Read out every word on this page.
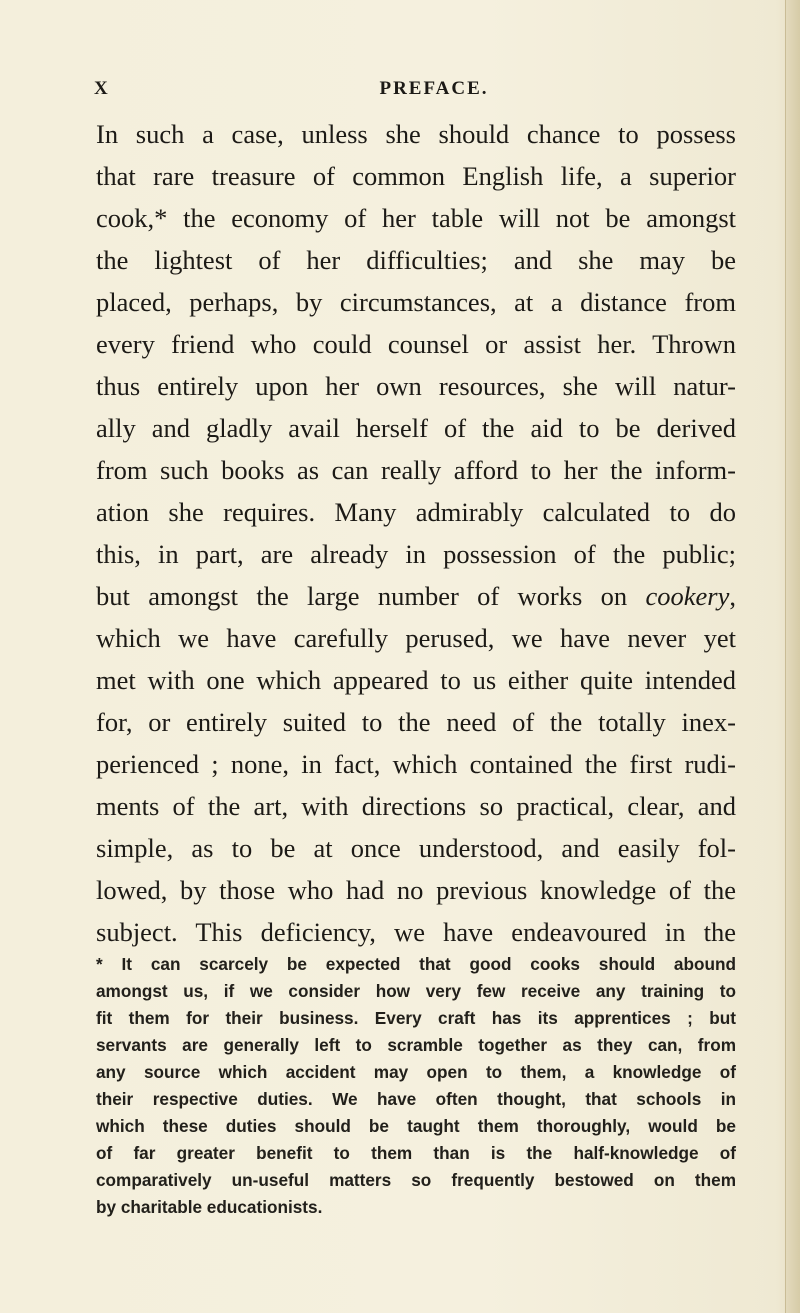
X	PREFACE.
In such a case, unless she should chance to possess
that rare treasure of common English life, a superior
cook,* the economy of her table will not be amongst
the lightest of her difficulties; and she may be
placed, perhaps, by circumstances, at a distance from
every friend who could counsel or assist her. Thrown
thus entirely upon her own resources, she will natur-
ally and gladly avail herself of the aid to be derived
from such books as can really afford to her the inform-
ation she requires. Many admirably calculated to do
this, in part, are already in possession of the public;
but amongst the large number of works on cookery,
which we have carefully perused, we have never yet
met with one which appeared to us either quite intended
for, or entirely suited to the need of the totally inex-
perienced ; none, in fact, which contained the first rudi-
ments of the art, with directions so practical, clear, and
simple, as to be at once understood, and easily fol-
lowed, by those who had no previous knowledge of the
subject. This deficiency, we have endeavoured in the
* It can scarcely be expected that good cooks should abound
amongst us, if we consider how very few receive any training to
fit them for their business. Every craft has its apprentices ; but
servants are generally left to scramble together as they can, from
any source which accident may open to them, a knowledge of
their respective duties. We have often thought, that schools in
which these duties should be taught them thoroughly, would be
of far greater benefit to them than is the half-knowledge of
comparatively un-useful matters so frequently bestowed on them
by charitable educationists.
